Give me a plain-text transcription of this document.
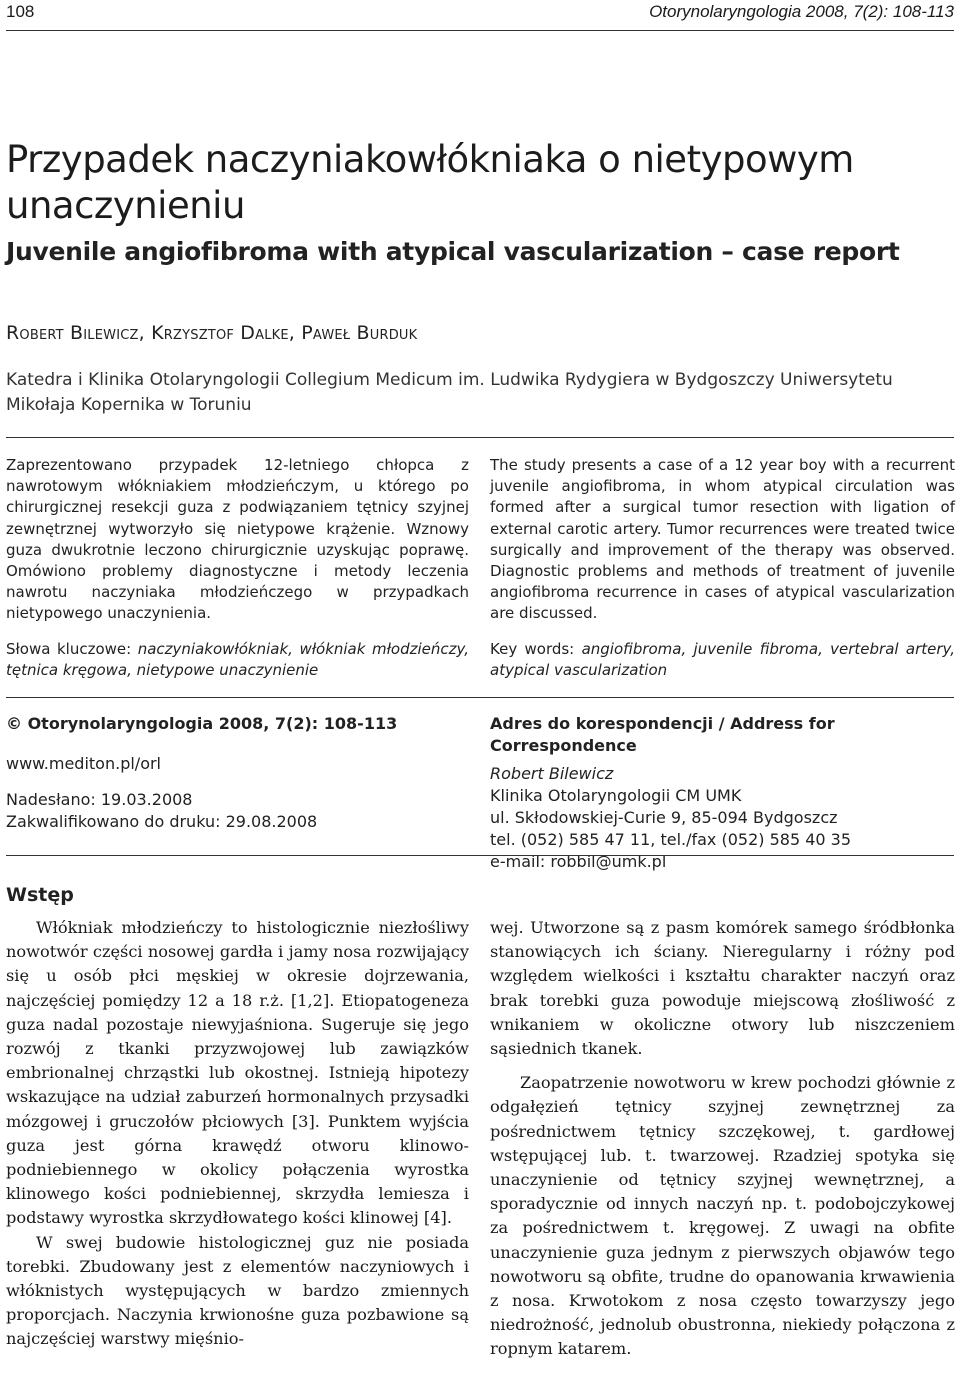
108	Otorynolaryngologia 2008, 7(2): 108-113
Przypadek naczyniakowłókniaka o nietypowym unaczynieniu
Juvenile angiofibroma with atypical vascularization – case report
Robert Bilewicz, Krzysztof Dalke, Paweł Burduk
Katedra i Klinika Otolaryngologii Collegium Medicum im. Ludwika Rydygiera w Bydgoszczy Uniwersytetu Mikołaja Kopernika w Toruniu

Zaprezentowano przypadek 12-letniego chłopca z nawrotowym włókniakiem młodzieńczym, u którego po chirurgicznej resekcji guza z podwiązaniem tętnicy szyjnej zewnętrznej wytworzyło się nietypowe krążenie. Wznowy guza dwukrotnie leczono chirurgicznie uzyskując poprawę. Omówiono problemy diagnostyczne i metody leczenia nawrotu naczyniaka młodzieńczego w przypadkach nietypowego unaczynienia.

Słowa kluczowe: naczyniakowłókniak, włókniak młodzieńczy, tętnica kręgowa, nietypowe unaczynienie

The study presents a case of a 12 year boy with a recurrent juvenile angiofibroma, in whom atypical circulation was formed after a surgical tumor resection with ligation of external carotic artery. Tumor recurrences were treated twice surgically and improvement of the therapy was observed. Diagnostic problems and methods of treatment of juvenile angiofibroma recurrence in cases of atypical vascularization are discussed.

Key words: angiofibroma, juvenile fibroma, vertebral artery, atypical vascularization

© Otorynolaryngologia 2008, 7(2): 108-113

www.mediton.pl/orl

Nadesłano: 19.03.2008

Zakwalifikowano do druku: 29.08.2008

Adres do korespondencji / Address for Correspondence

Robert Bilewicz

Klinika Otolaryngologii CM UMK

ul. Skłodowskiej-Curie 9, 85-094 Bydgoszcz

tel. (052) 585 47 11, tel./fax (052) 585 40 35

e-mail: robbil@umk.pl

Wstęp

Włókniak młodzieńczy to histologicznie niezłośliwy nowotwór części nosowej gardła i jamy nosa rozwijający się u osób płci męskiej w okresie dojrzewania, najczęściej pomiędzy 12 a 18 r.ż. [1,2]. Etiopatogeneza guza nadal pozostaje niewyjaśniona. Sugeruje się jego rozwój z tkanki przyzwojowej lub zawiązków embrionalnej chrząstki lub okostnej. Istnieją hipotezy wskazujące na udział zaburzeń hormonalnych przysadki mózgowej i gruczołów płciowych [3]. Punktem wyjścia guza jest górna krawędź otworu klinowo-podniebiennego w okolicy połączenia wyrostka klinowego kości podniebiennej, skrzydła lemiesza i podstawy wyrostka skrzydłowatego kości klinowej [4].

W swej budowie histologicznej guz nie posiada torebki. Zbudowany jest z elementów naczyniowych i włóknistych występujących w bardzo zmiennych proporcjach. Naczynia krwionośne guza pozbawione są najczęściej warstwy mięśnio-

wej. Utworzone są z pasm komórek samego śródbłonka stanowiących ich ściany. Nieregularny i różny pod względem wielkości i kształtu charakter naczyń oraz brak torebki guza powoduje miejscową złośliwość z wnikaniem w okoliczne otwory lub niszczeniem sąsiednich tkanek.

Zaopatrzenie nowotworu w krew pochodzi głównie z odgałęzień tętnicy szyjnej zewnętrznej za pośrednictwem tętnicy szczękowej, t. gardłowej wstępującej lub. t. twarzowej. Rzadziej spotyka się unaczynienie od tętnicy szyjnej wewnętrznej, a sporadycznie od innych naczyń np. t. podobojczykowej za pośrednictwem t. kręgowej. Z uwagi na obfite unaczynienie guza jednym z pierwszych objawów tego nowotworu są obfite, trudne do opanowania krwawienia z nosa. Krwotokom z nosa często towarzyszy jego niedrożność, jednolub obustronna, niekiedy połączona z ropnym katarem.
